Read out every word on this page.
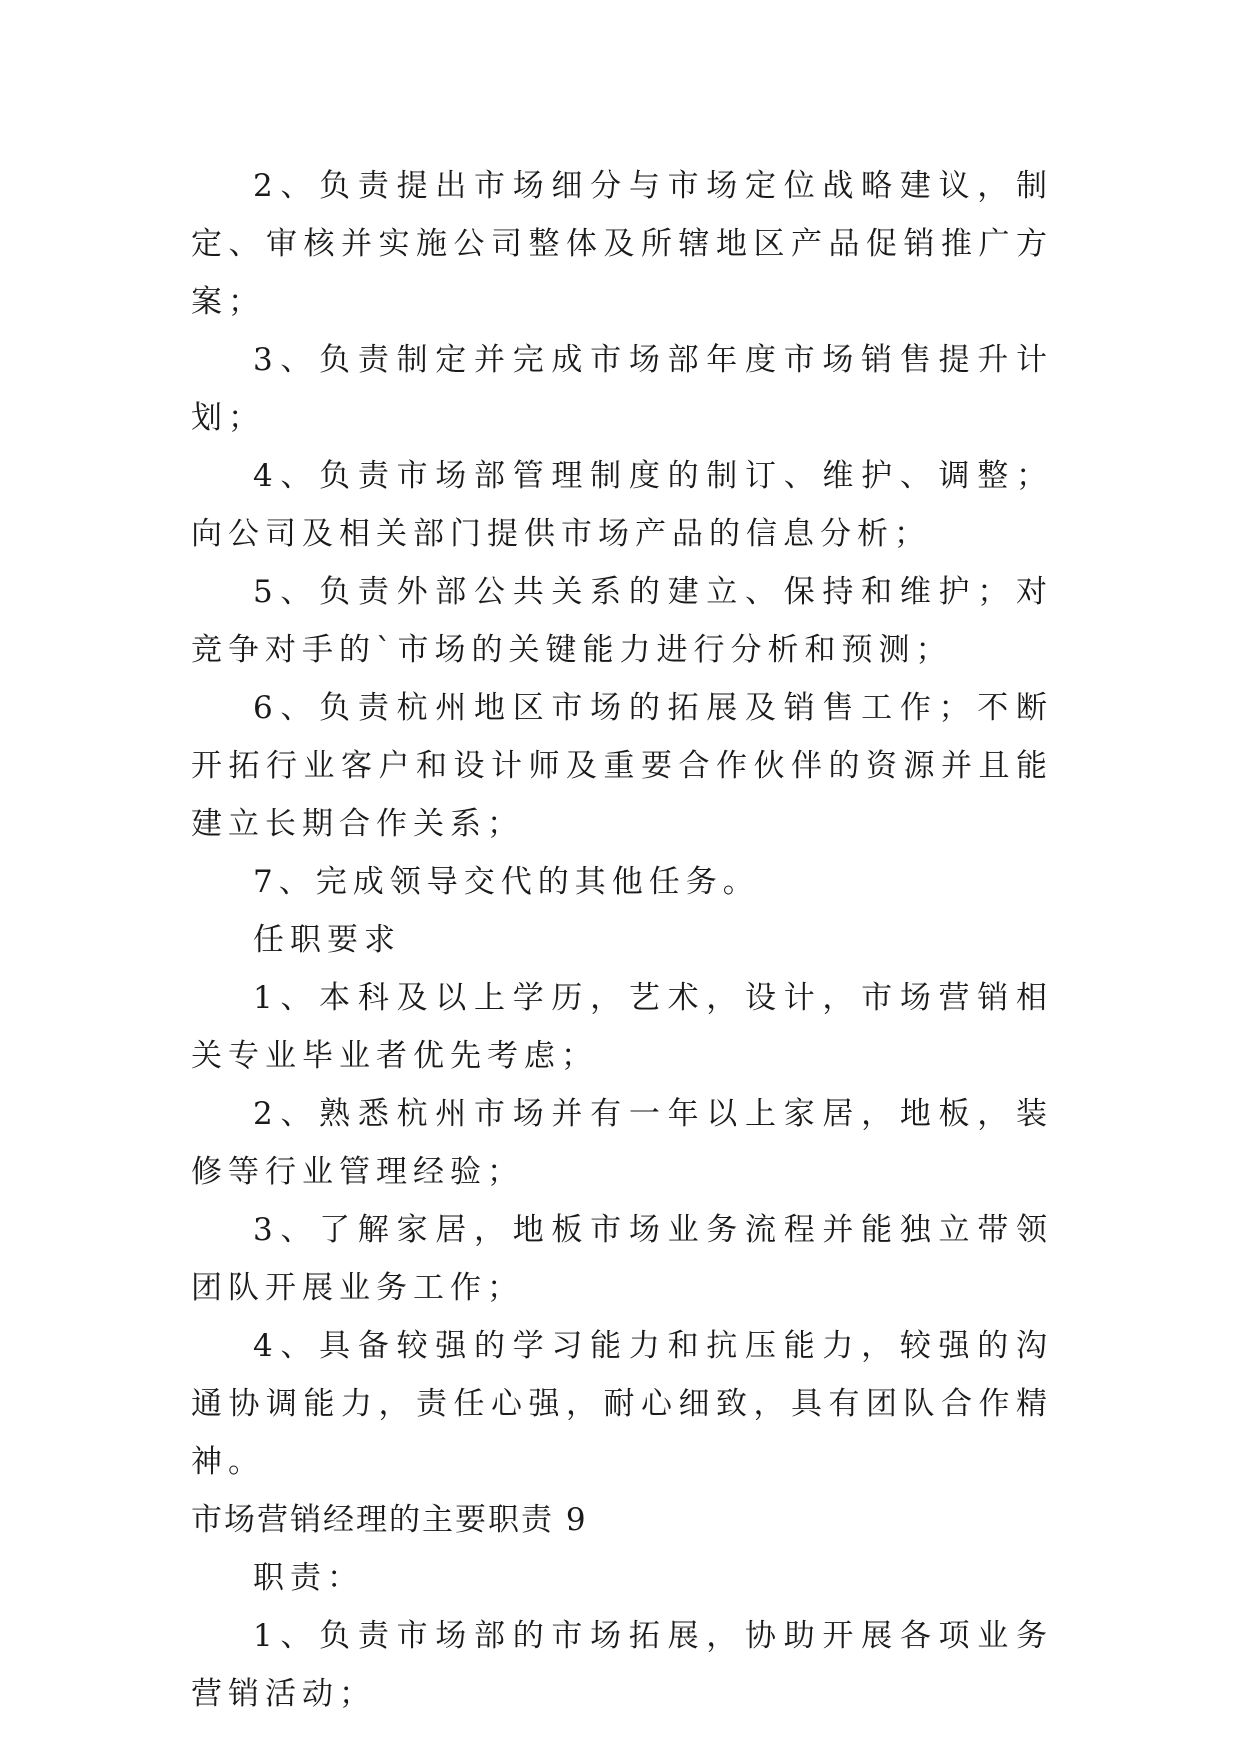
2、负责提出市场细分与市场定位战略建议，制定、审核并实施公司整体及所辖地区产品促销推广方案；

3、负责制定并完成市场部年度市场销售提升计划；

4、负责市场部管理制度的制订、维护、调整；向公司及相关部门提供市场产品的信息分析；

5、负责外部公共关系的建立、保持和维护；对竞争对手的`市场的关键能力进行分析和预测；

6、负责杭州地区市场的拓展及销售工作；不断开拓行业客户和设计师及重要合作伙伴的资源并且能建立长期合作关系；

7、完成领导交代的其他任务。

任职要求

1、本科及以上学历，艺术，设计，市场营销相关专业毕业者优先考虑；

2、熟悉杭州市场并有一年以上家居，地板，装修等行业管理经验；

3、了解家居，地板市场业务流程并能独立带领团队开展业务工作；

4、具备较强的学习能力和抗压能力，较强的沟通协调能力，责任心强，耐心细致，具有团队合作精神。

市场营销经理的主要职责 9

职责：

1、负责市场部的市场拓展，协助开展各项业务营销活动；
